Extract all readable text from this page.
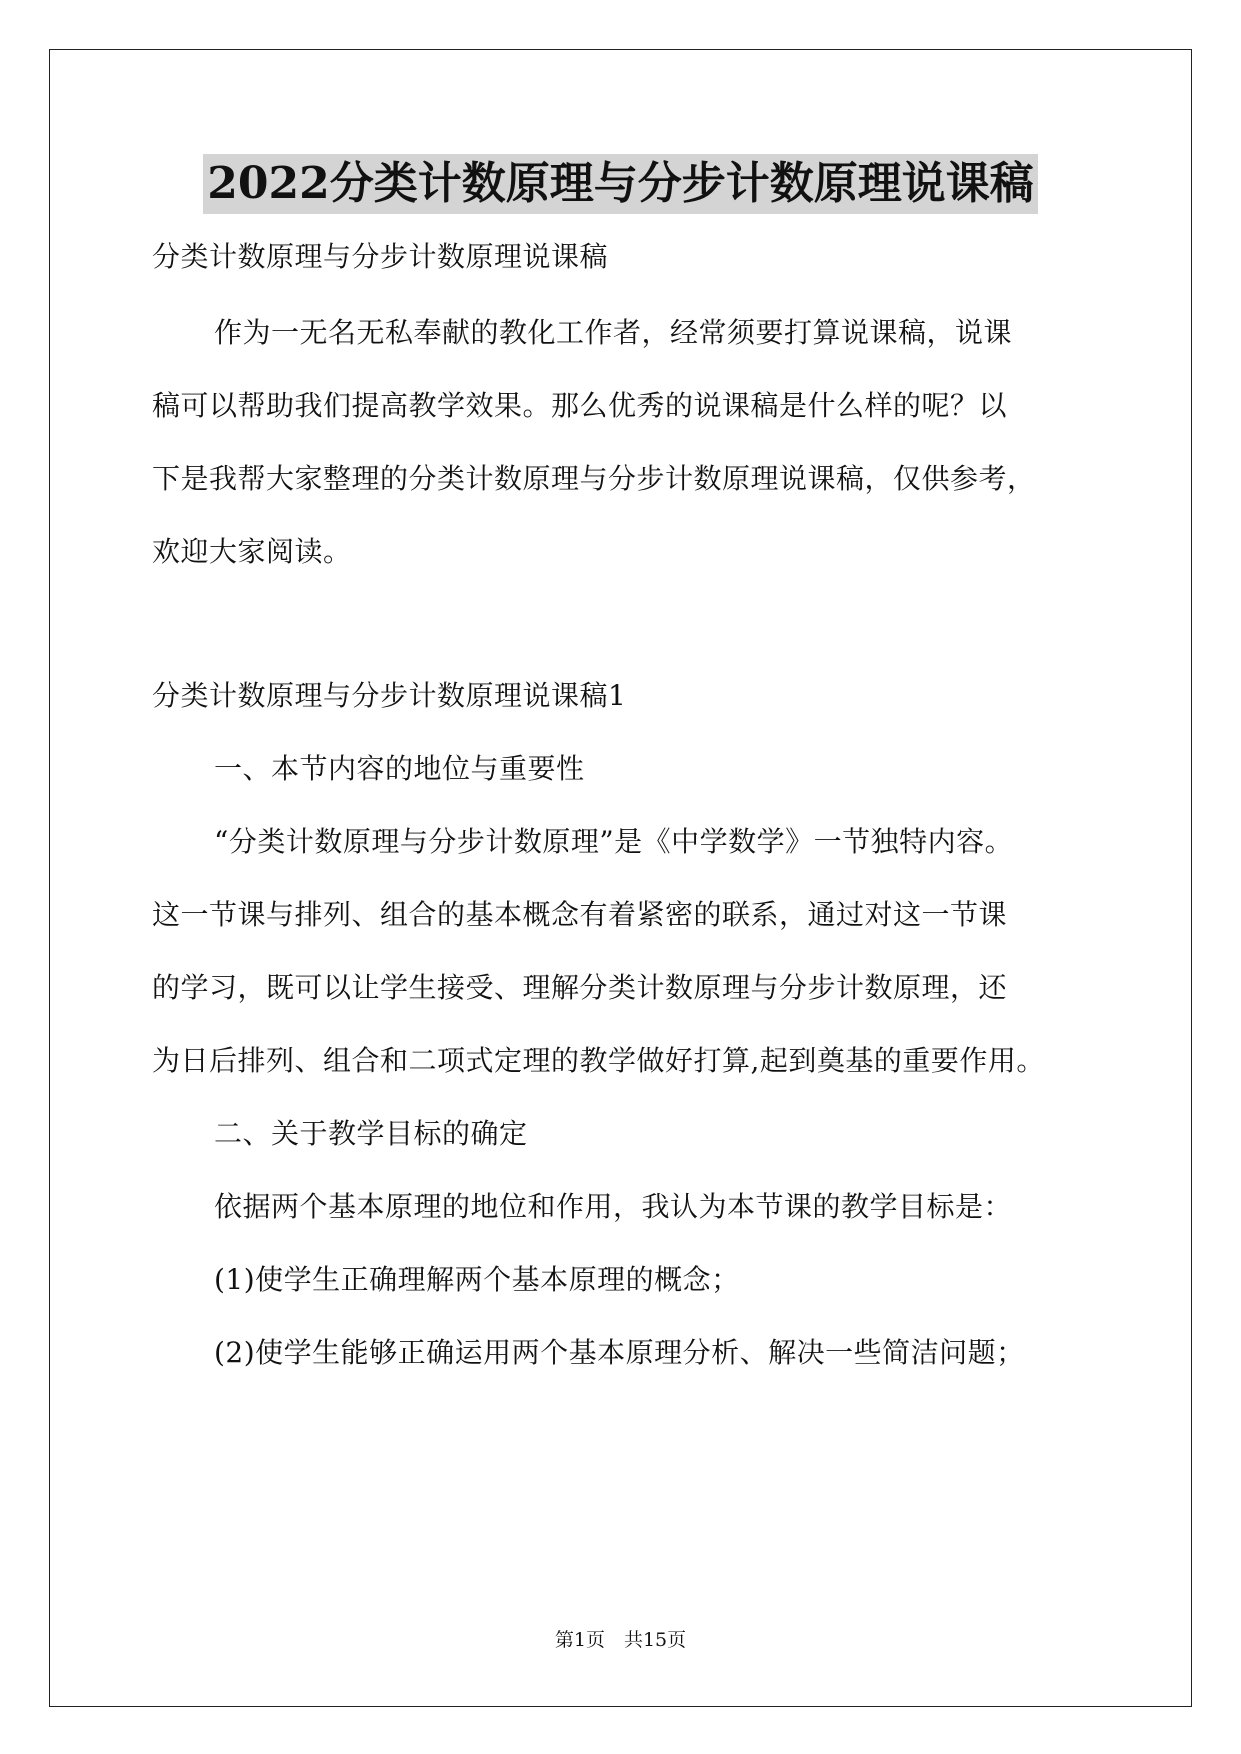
2022分类计数原理与分步计数原理说课稿
分类计数原理与分步计数原理说课稿
作为一无名无私奉献的教化工作者，经常须要打算说课稿，说课
稿可以帮助我们提高教学效果。那么优秀的说课稿是什么样的呢？以
下是我帮大家整理的分类计数原理与分步计数原理说课稿，仅供参考，
欢迎大家阅读。
分类计数原理与分步计数原理说课稿1
一、本节内容的地位与重要性
“分类计数原理与分步计数原理”是《中学数学》一节独特内容。
这一节课与排列、组合的基本概念有着紧密的联系，通过对这一节课
的学习，既可以让学生接受、理解分类计数原理与分步计数原理，还
为日后排列、组合和二项式定理的教学做好打算,起到奠基的重要作用。
二、关于教学目标的确定
依据两个基本原理的地位和作用，我认为本节课的教学目标是：
(1)使学生正确理解两个基本原理的概念；
(2)使学生能够正确运用两个基本原理分析、解决一些简洁问题；
第1页　共15页
